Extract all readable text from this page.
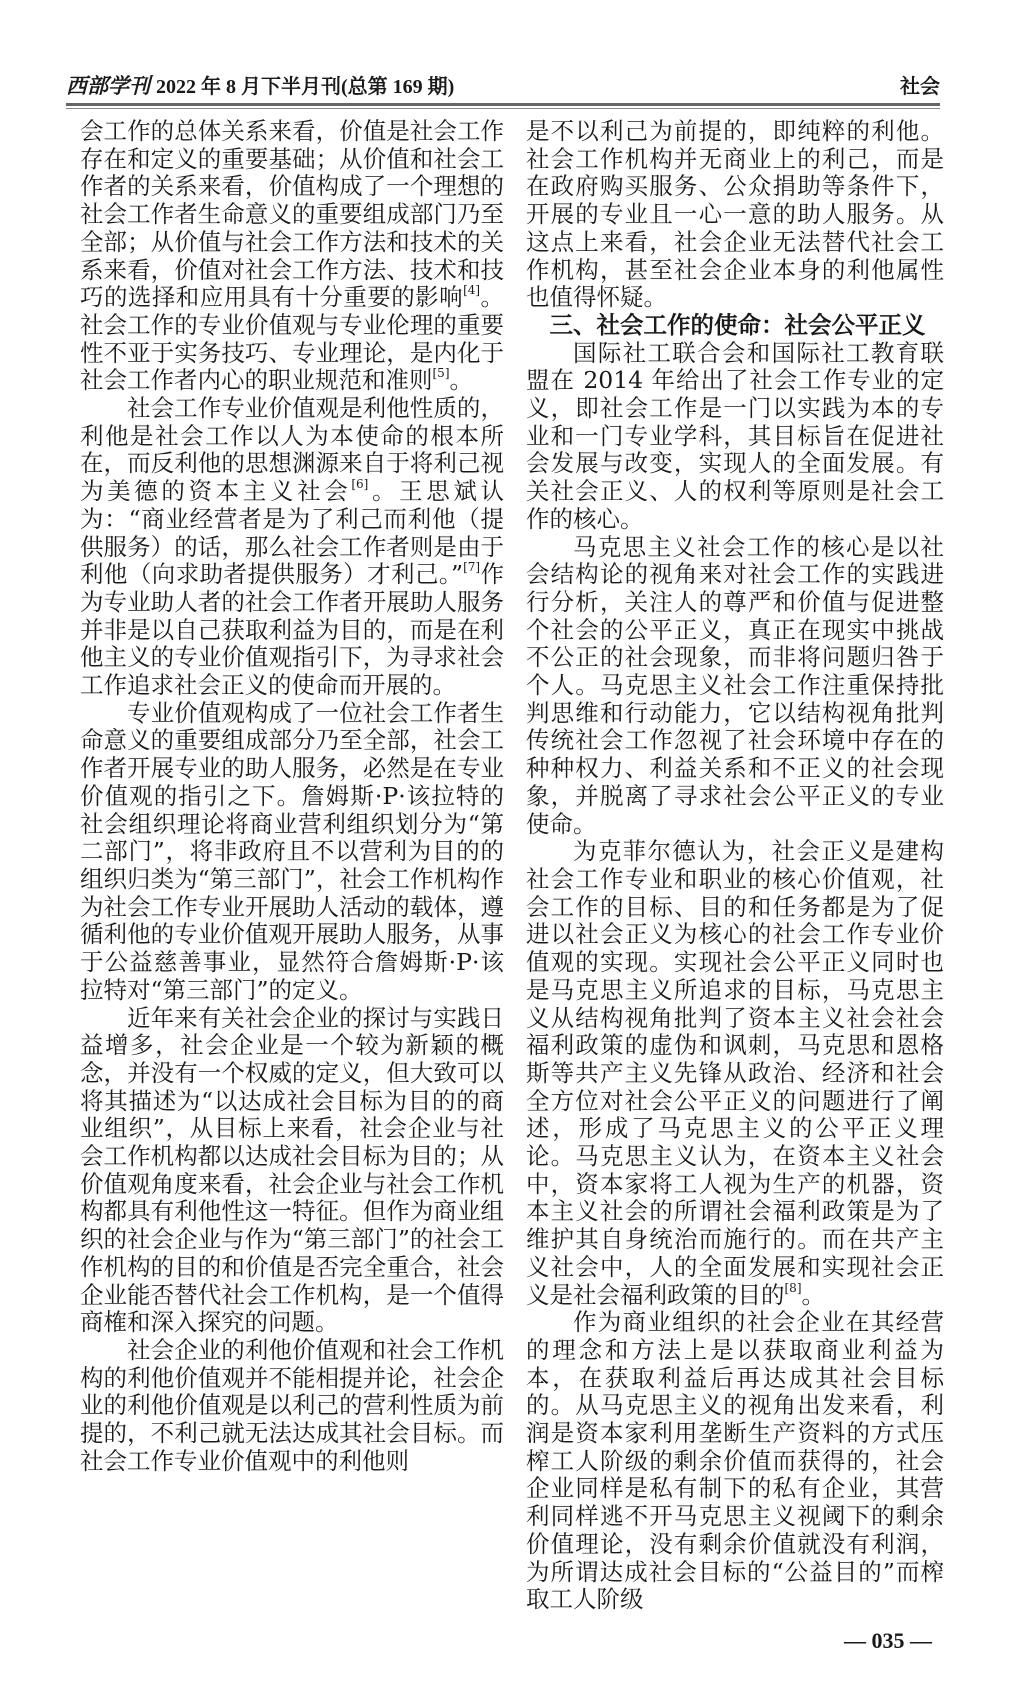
西部学刊 2022 年 8 月下半月刊(总第 169 期)	社会

会工作的总体关系来看，价值是社会工作存在和定义的重要基础；从价值和社会工作者的关系来看，价值构成了一个理想的社会工作者生命意义的重要组成部门乃至全部；从价值与社会工作方法和技术的关系来看，价值对社会工作方法、技术和技巧的选择和应用具有十分重要的影响[4]。社会工作的专业价值观与专业伦理的重要性不亚于实务技巧、专业理论，是内化于社会工作者内心的职业规范和准则[5]。

社会工作专业价值观是利他性质的，利他是社会工作以人为本使命的根本所在，而反利他的思想渊源来自于将利己视为美德的资本主义社会[6]。王思斌认为：“商业经营者是为了利己而利他（提供服务）的话，那么社会工作者则是由于利他（向求助者提供服务）才利己。”[7]作为专业助人者的社会工作者开展助人服务并非是以自己获取利益为目的，而是在利他主义的专业价值观指引下，为寻求社会工作追求社会正义的使命而开展的。

专业价值观构成了一位社会工作者生命意义的重要组成部分乃至全部，社会工作者开展专业的助人服务，必然是在专业价值观的指引之下。詹姆斯·P·该拉特的社会组织理论将商业营利组织划分为“第二部门”，将非政府且不以营利为目的的组织归类为“第三部门”，社会工作机构作为社会工作专业开展助人活动的载体，遵循利他的专业价值观开展助人服务，从事于公益慈善事业，显然符合詹姆斯·P·该拉特对“第三部门”的定义。

近年来有关社会企业的探讨与实践日益增多，社会企业是一个较为新颖的概念，并没有一个权威的定义，但大致可以将其描述为“以达成社会目标为目的的商业组织”，从目标上来看，社会企业与社会工作机构都以达成社会目标为目的；从价值观角度来看，社会企业与社会工作机构都具有利他性这一特征。但作为商业组织的社会企业与作为“第三部门”的社会工作机构的目的和价值是否完全重合，社会企业能否替代社会工作机构，是一个值得商榷和深入探究的问题。

社会企业的利他价值观和社会工作机构的利他价值观并不能相提并论，社会企业的利他价值观是以利己的营利性质为前提的，不利己就无法达成其社会目标。而社会工作专业价值观中的利他则

是不以利己为前提的，即纯粹的利他。社会工作机构并无商业上的利己，而是在政府购买服务、公众捐助等条件下，开展的专业且一心一意的助人服务。从这点上来看，社会企业无法替代社会工作机构，甚至社会企业本身的利他属性也值得怀疑。

三、社会工作的使命：社会公平正义

国际社工联合会和国际社工教育联盟在 2014 年给出了社会工作专业的定义，即社会工作是一门以实践为本的专业和一门专业学科，其目标旨在促进社会发展与改变，实现人的全面发展。有关社会正义、人的权利等原则是社会工作的核心。

马克思主义社会工作的核心是以社会结构论的视角来对社会工作的实践进行分析，关注人的尊严和价值与促进整个社会的公平正义，真正在现实中挑战不公正的社会现象，而非将问题归咎于个人。马克思主义社会工作注重保持批判思维和行动能力，它以结构视角批判传统社会工作忽视了社会环境中存在的种种权力、利益关系和不正义的社会现象，并脱离了寻求社会公平正义的专业使命。

为克菲尔德认为，社会正义是建构社会工作专业和职业的核心价值观，社会工作的目标、目的和任务都是为了促进以社会正义为核心的社会工作专业价值观的实现。实现社会公平正义同时也是马克思主义所追求的目标，马克思主义从结构视角批判了资本主义社会社会福利政策的虚伪和讽刺，马克思和恩格斯等共产主义先锋从政治、经济和社会全方位对社会公平正义的问题进行了阐述，形成了马克思主义的公平正义理论。马克思主义认为，在资本主义社会中，资本家将工人视为生产的机器，资本主义社会的所谓社会福利政策是为了维护其自身统治而施行的。而在共产主义社会中，人的全面发展和实现社会正义是社会福利政策的目的[8]。

作为商业组织的社会企业在其经营的理念和方法上是以获取商业利益为本，在获取利益后再达成其社会目标的。从马克思主义的视角出发来看，利润是资本家利用垄断生产资料的方式压榨工人阶级的剩余价值而获得的，社会企业同样是私有制下的私有企业，其营利同样逃不开马克思主义视阈下的剩余价值理论，没有剩余价值就没有利润，为所谓达成社会目标的“公益目的”而榨取工人阶级

— 035 —
